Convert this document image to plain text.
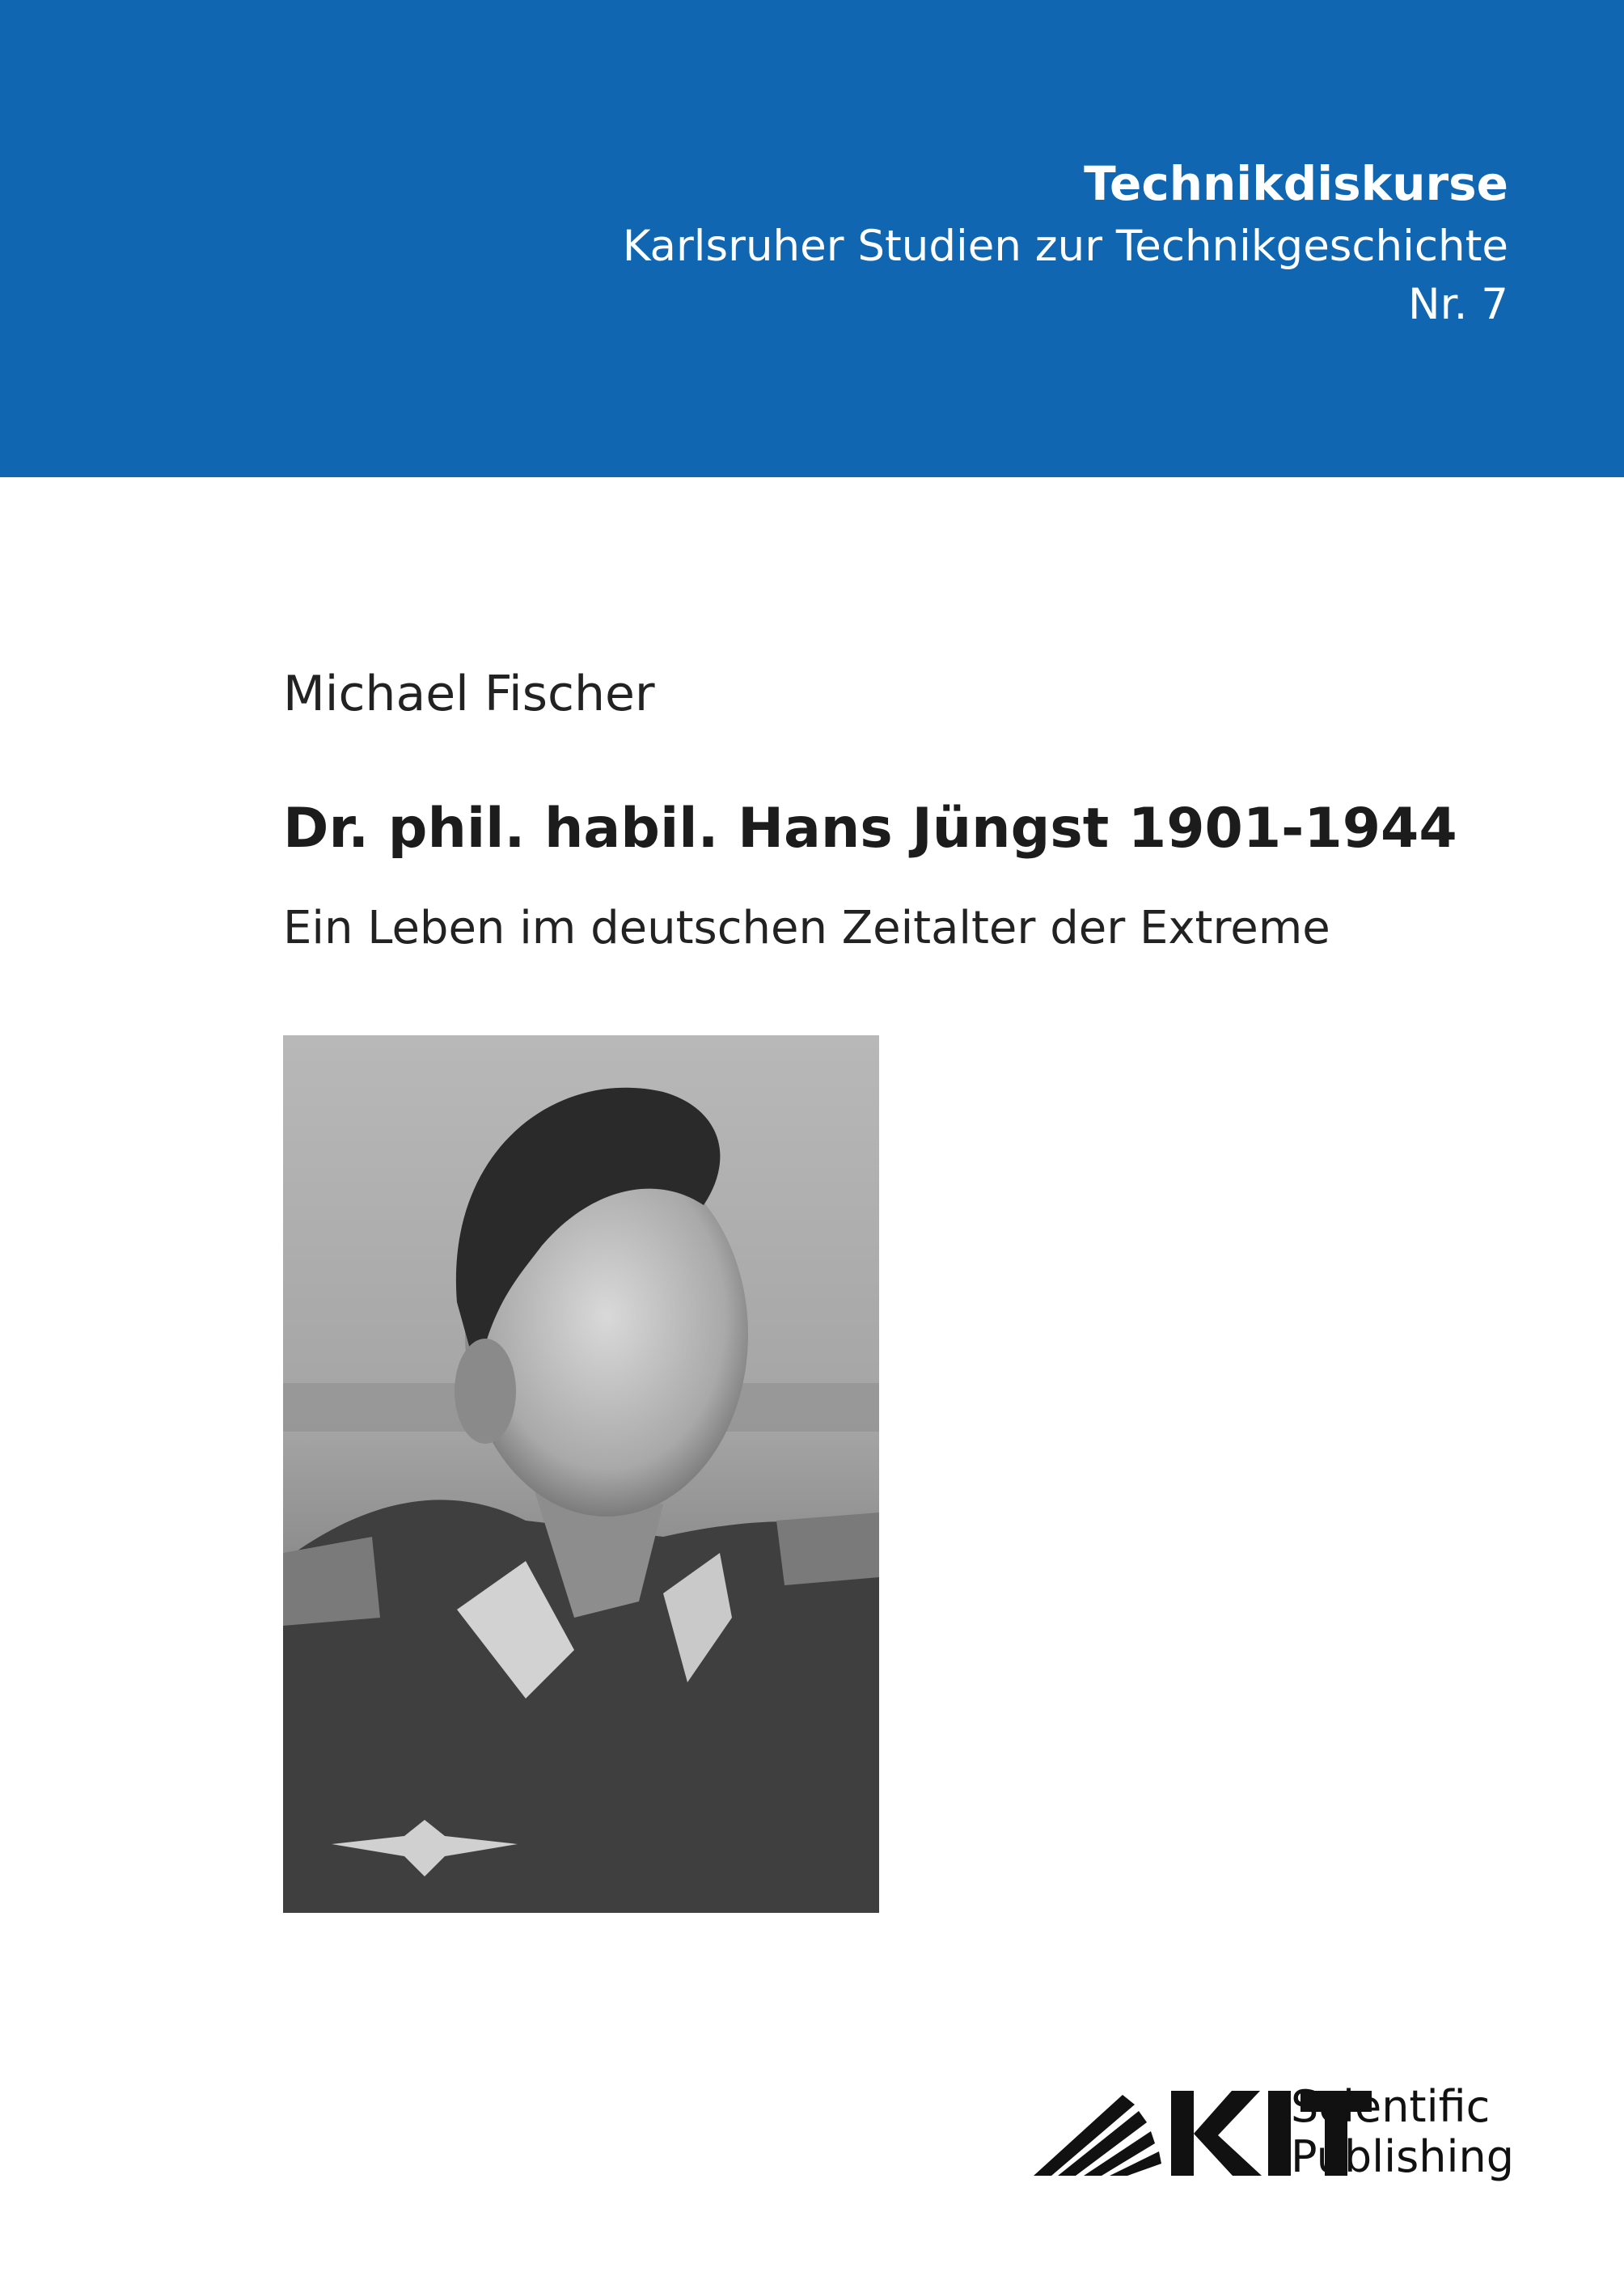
Technikdiskurse
Karlsruher Studien zur Technikgeschichte
Nr. 7
Michael Fischer
Dr. phil. habil. Hans Jüngst 1901-1944
Ein Leben im deutschen Zeitalter der Extreme
Scientific
Publishing
